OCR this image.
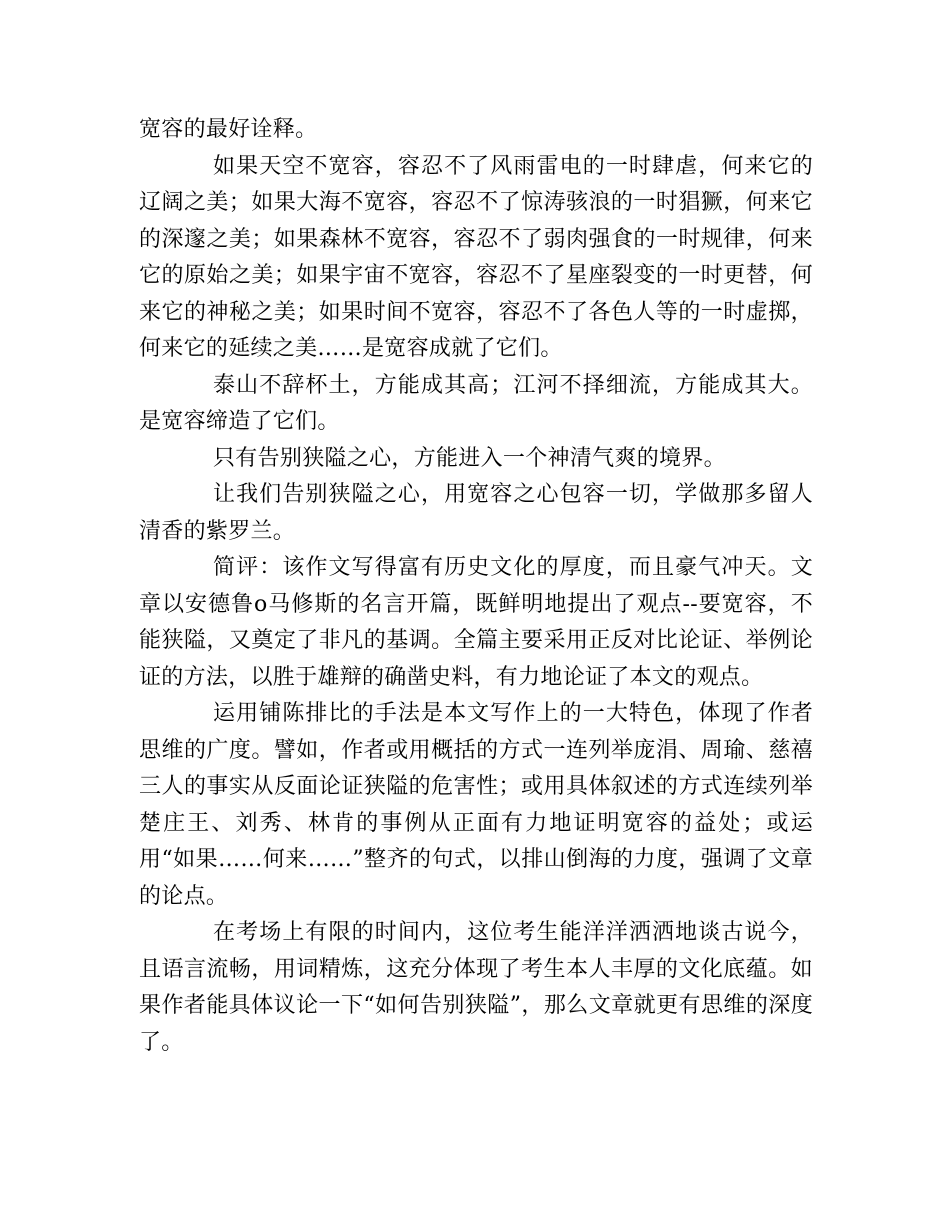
宽容的最好诠释。

如果天空不宽容，容忍不了风雨雷电的一时肆虐，何来它的辽阔之美；如果大海不宽容，容忍不了惊涛骇浪的一时猖獗，何来它的深邃之美；如果森林不宽容，容忍不了弱肉强食的一时规律，何来它的原始之美；如果宇宙不宽容，容忍不了星座裂变的一时更替，何来它的神秘之美；如果时间不宽容，容忍不了各色人等的一时虚掷，何来它的延续之美……是宽容成就了它们。

泰山不辞杯土，方能成其高；江河不择细流，方能成其大。是宽容缔造了它们。

只有告别狭隘之心，方能进入一个神清气爽的境界。

让我们告别狭隘之心，用宽容之心包容一切，学做那多留人清香的紫罗兰。

简评：该作文写得富有历史文化的厚度，而且豪气冲天。文章以安德鲁ο马修斯的名言开篇，既鲜明地提出了观点--要宽容，不能狭隘，又奠定了非凡的基调。全篇主要采用正反对比论证、举例论证的方法，以胜于雄辩的确凿史料，有力地论证了本文的观点。

运用铺陈排比的手法是本文写作上的一大特色，体现了作者思维的广度。譬如，作者或用概括的方式一连列举庞涓、周瑜、慈禧三人的事实从反面论证狭隘的危害性；或用具体叙述的方式连续列举楚庄王、刘秀、林肯的事例从正面有力地证明宽容的益处；或运用“如果……何来……”整齐的句式，以排山倒海的力度，强调了文章的论点。

在考场上有限的时间内，这位考生能洋洋洒洒地谈古说今，且语言流畅，用词精炼，这充分体现了考生本人丰厚的文化底蕴。如果作者能具体议论一下“如何告别狭隘”，那么文章就更有思维的深度了。
